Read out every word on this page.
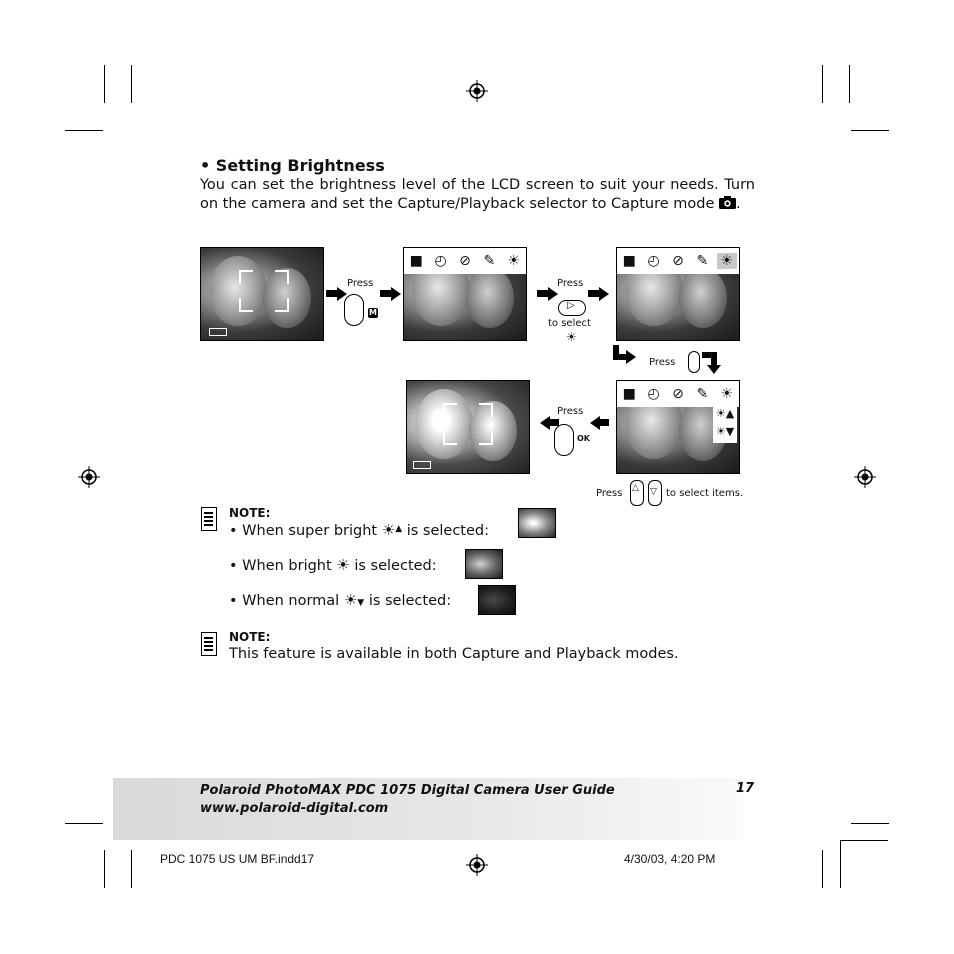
• Setting Brightness

You can set the brightness level of the LCD screen to suit your needs. Turn on the camera and set the Capture/Playback selector to Capture mode .

Press
M
■ ◴ ⊘ ✎ ☀
Press
▷
to select
☀
■ ◴ ⊘ ✎ ☀
Press
■ ◴ ⊘ ✎ ☀
☀▲
☀▼
Press
OK
Press △ ▽ to select items.
NOTE:
• When super bright ☀▲ is selected:
• When bright ☀ is selected:
• When normal ☀▼ is selected:
NOTE:
This feature is available in both Capture and Playback modes.
Polaroid PhotoMAX PDC 1075 Digital Camera User Guide
www.polaroid-digital.com
17
PDC 1075 US UM BF.indd17	4/30/03, 4:20 PM
